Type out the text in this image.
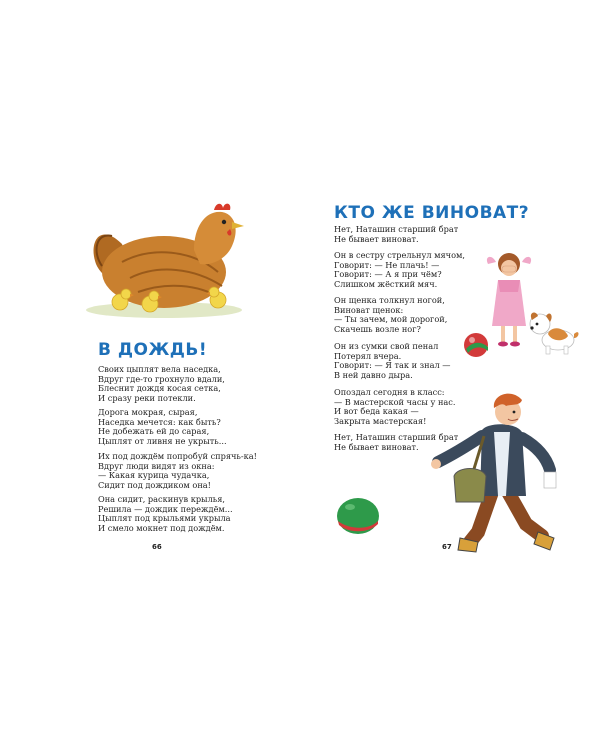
В ДОЖДЬ!

Своих цыплят вела наседка,
Вдруг где-то грохнуло вдали,
Блеснит дождя косая сетка,
И сразу реки потекли.

Дорога мокрая, сырая,
Наседка мечется: как быть?
Не добежать ей до сарая,
Цыплят от ливня не укрыть...

Их под дождём попробуй спрячь-ка!
Вдруг люди видят из окна:
— Какая курица чудачка,
Сидит под дождиком она!

Она сидит, раскинув крылья,
Решила — дождик переждём...
Цыплят под крыльями укрыла
И смело мокнет под дождём.

66
КТО ЖЕ ВИНОВАТ?

Нет, Наташин старший брат
Не бывает виноват.

Он в сестру стрельнул мячом,
Говорит: — Не плачь! —
Говорит: — А я при чём?
Слишком жёсткий мяч.

Он щенка толкнул ногой,
Виноват щенок:
— Ты зачем, мой дорогой,
Скачешь возле ног?

Он из сумки свой пенал
Потерял вчера.
Говорит: — Я так и знал —
В ней давно дыра.

Опоздал сегодня в класс:
— В мастерской часы у нас.
И вот беда какая —
Закрыта мастерская!

Нет, Наташин старший брат
Не бывает виноват.

67
